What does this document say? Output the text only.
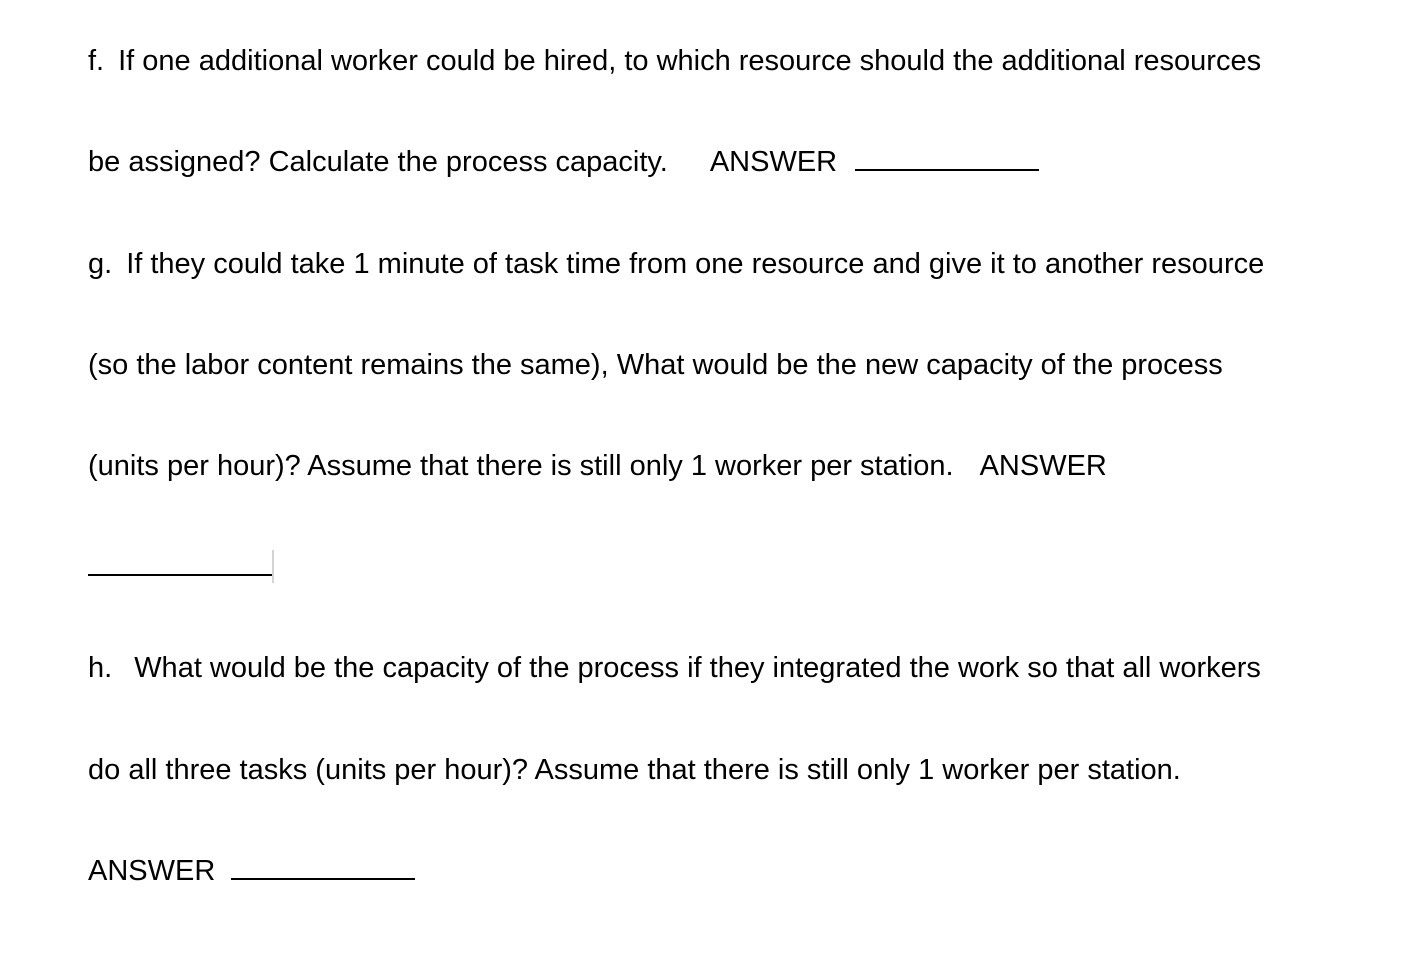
f. If one additional worker could be hired, to which resource should the additional resources
be assigned? Calculate the process capacity. ANSWER
g. If they could take 1 minute of task time from one resource and give it to another resource
(so the labor content remains the same), What would be the new capacity of the process
(units per hour)? Assume that there is still only 1 worker per station. ANSWER
h. What would be the capacity of the process if they integrated the work so that all workers
do all three tasks (units per hour)? Assume that there is still only 1 worker per station.
ANSWER
